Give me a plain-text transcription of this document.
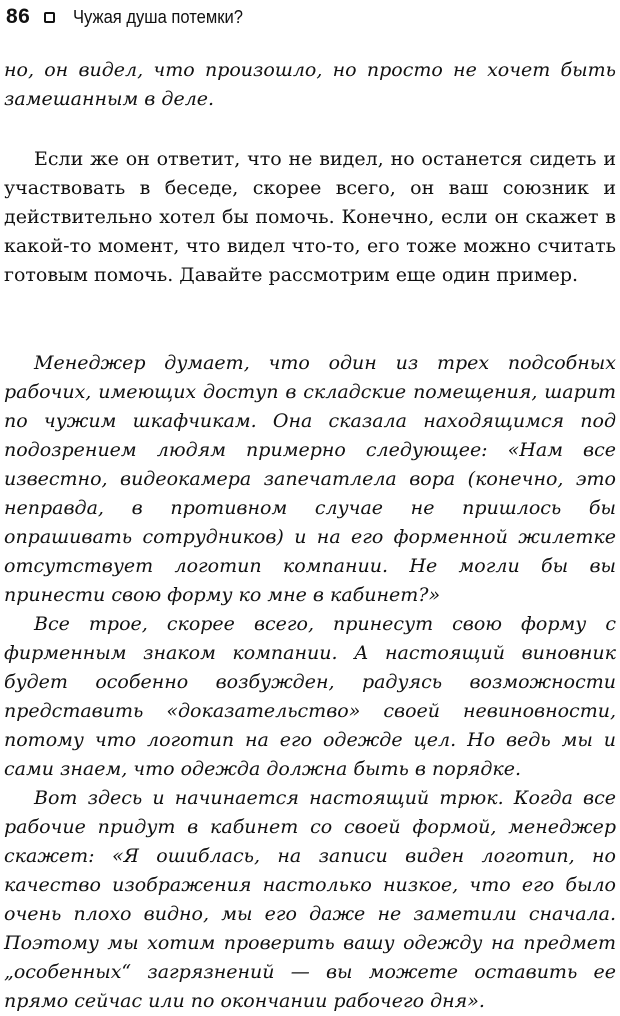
86 Чужая душа потемки?

но, он видел, что произошло, но просто не хочет быть замешанным в деле.

Если же он ответит, что не видел, но останется сидеть и участвовать в беседе, скорее всего, он ваш союзник и действительно хотел бы помочь. Конечно, если он скажет в какой-то момент, что видел что-то, его тоже можно считать готовым помочь. Давайте рассмотрим еще один пример.

Менеджер думает, что один из трех подсобных рабочих, имеющих доступ в складские помещения, шарит по чужим шкафчикам. Она сказала находящимся под подозрением людям примерно следующее: «Нам все известно, видеокамера запечатлела вора (конечно, это неправда, в противном случае не пришлось бы опрашивать сотрудников) и на его форменной жилетке отсутствует логотип компании. Не могли бы вы принести свою форму ко мне в кабинет?»

Все трое, скорее всего, принесут свою форму с фирменным знаком компании. А настоящий виновник будет особенно возбужден, радуясь возможности представить «доказательство» своей невиновности, потому что логотип на его одежде цел. Но ведь мы и сами знаем, что одежда должна быть в порядке.

Вот здесь и начинается настоящий трюк. Когда все рабочие придут в кабинет со своей формой, менеджер скажет: «Я ошиблась, на записи виден логотип, но качество изображения настолько низкое, что его было очень плохо видно, мы его даже не заметили сначала. Поэтому мы хотим проверить вашу одежду на предмет „особенных“ загрязнений — вы можете оставить ее прямо сейчас или по окончании рабочего дня».
